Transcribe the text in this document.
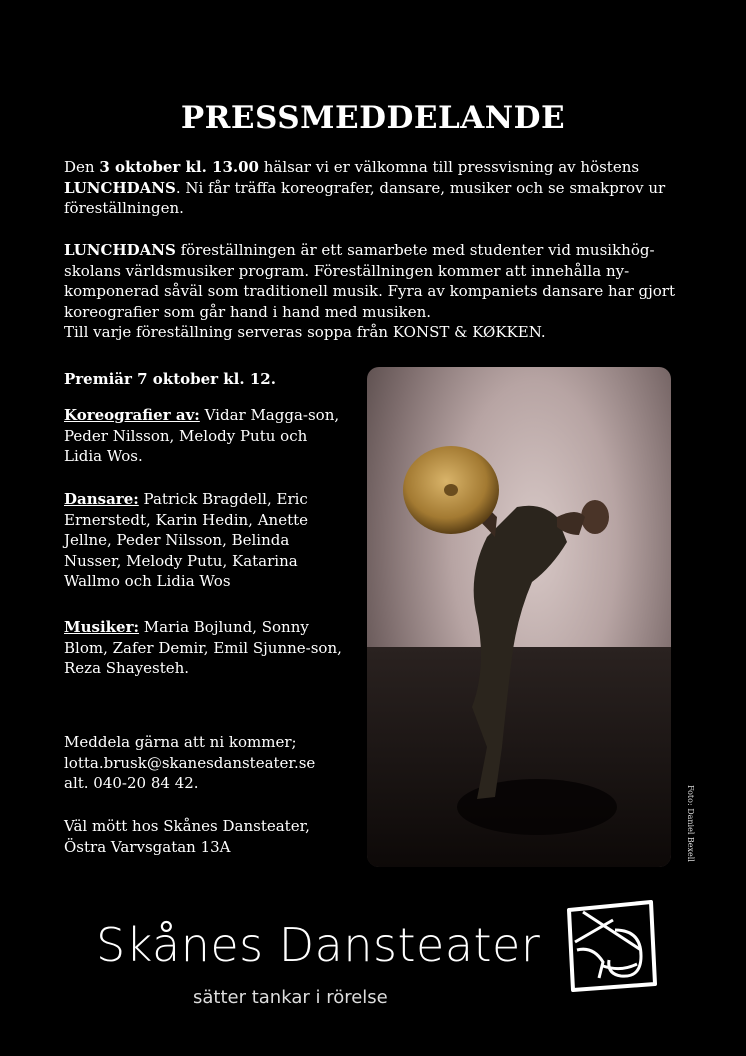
PRESSMEDDELANDE

Den 3 oktober kl. 13.00 hälsar vi er välkomna till pressvisning av höstens LUNCHDANS. Ni får träffa koreografer, dansare, musiker och se smakprov ur föreställningen.

LUNCHDANS föreställningen är ett samarbete med studenter vid musikhög-skolans världsmusiker program. Föreställningen kommer att innehålla ny-komponerad såväl som traditionell musik. Fyra av kompaniets dansare har gjort koreografier som går hand i hand med musiken.
Till varje föreställning serveras soppa från KONST & KØKKEN.

Premiär 7 oktober kl. 12.

Koreografier av: Vidar Magga-son, Peder Nilsson, Melody Putu och Lidia Wos.

Dansare: Patrick Bragdell, Eric Ernerstedt, Karin Hedin, Anette Jellne, Peder Nilsson, Belinda Nusser, Melody Putu, Katarina Wallmo och Lidia Wos

Musiker: Maria Bojlund, Sonny Blom, Zafer Demir, Emil Sjunne-son, Reza Shayesteh.

Meddela gärna att ni kommer;

lotta.brusk@skanesdansteater.se

alt. 040-20 84 42.

Väl mött hos Skånes Dansteater,

Östra Varvsgatan 13A	Foto: Daniel Bexell
Skånes Dansteater
sätter tankar i rörelse
